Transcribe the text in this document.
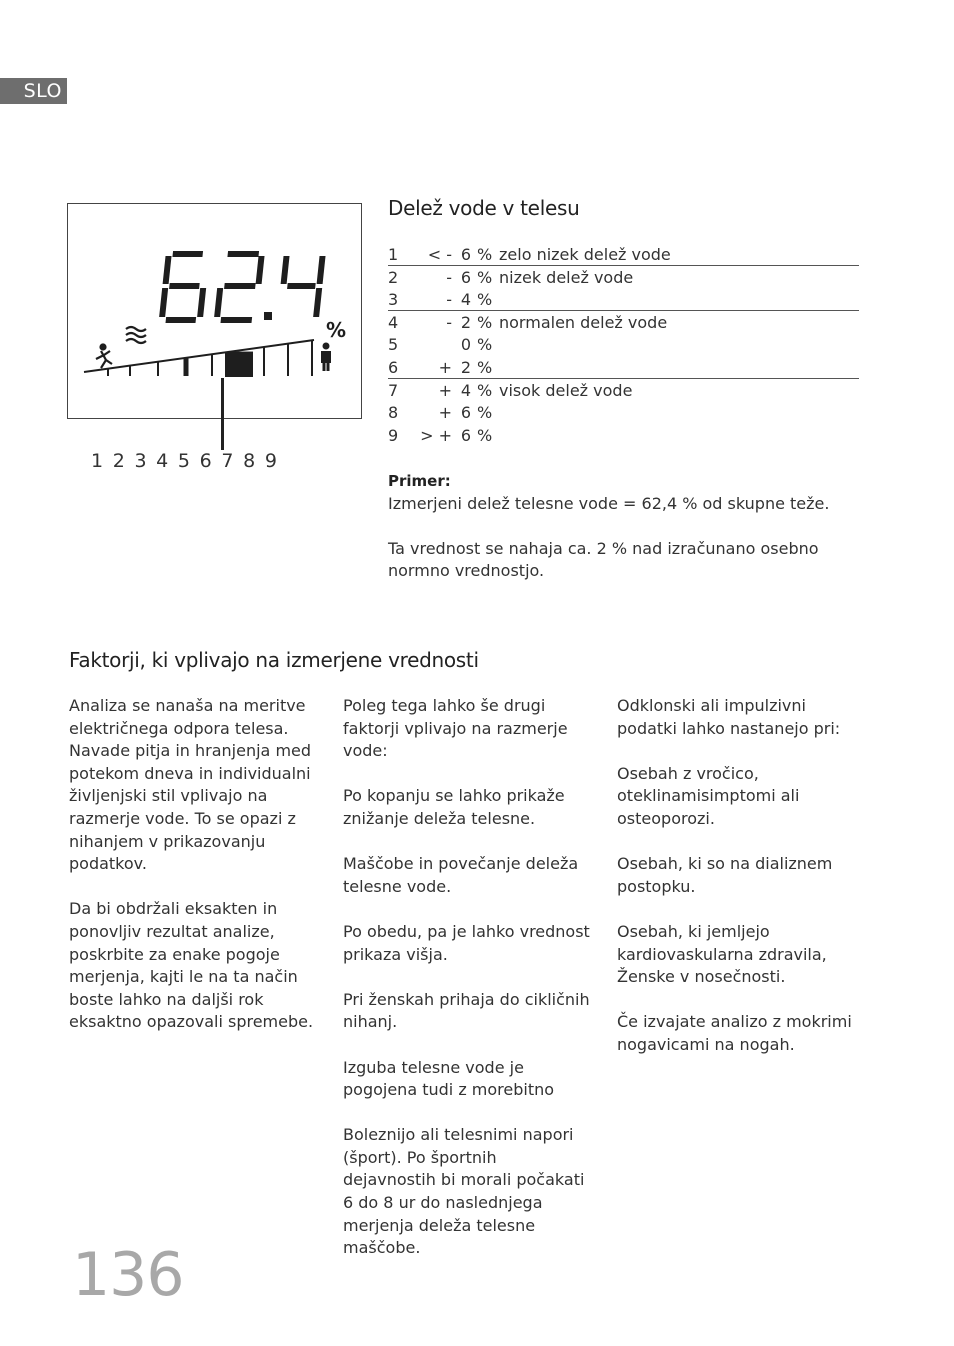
SLO
%
1 2 3 4 5 6 7 8 9
Delež vode v telesu
1	< -	6	%	zelo nizek delež vode
2	-	6	%	nizek delež vode
3	-	4	%	
4	-	2	%	normalen delež vode
5		0	%	
6	+	2	%	
7	+	4	%	visok delež vode
8	+	6	%	
9	> +	6	%	
Primer:

Izmerjeni delež telesne vode = 62,4 % od skupne teže.

Ta vrednost se nahaja ca. 2 % nad izračunano osebno normno vrednostjo.

Faktorji, ki vplivajo na izmerjene vrednosti

Analiza se nanaša na meritve električnega odpora telesa. Navade pitja in hranjenja med potekom dneva in individualni življenjski stil vplivajo na razmerje vode. To se opazi z nihanjem v prikazovanju podatkov.

Da bi obdržali eksakten in ponovljiv rezultat analize, poskrbite za enake pogoje merjenja, kajti le na ta način boste lahko na daljši rok eksaktno opazovali spremebe.

Poleg tega lahko še drugi faktorji vplivajo na razmerje vode:

Po kopanju se lahko prikaže znižanje deleža telesne.

Maščobe in povečanje deleža telesne vode.

Po obedu, pa je lahko vrednost prikaza višja.

Pri ženskah prihaja do cikličnih nihanj.

Izguba telesne vode je pogojena tudi z morebitno

Boleznijo ali telesnimi napori (šport). Po športnih dejavnostih bi morali počakati 6 do 8 ur do naslednjega merjenja deleža telesne maščobe.

Odklonski ali impulzivni podatki lahko nastanejo pri:

Osebah z vročico, oteklinamisimptomi ali osteoporozi.

Osebah, ki so na dializnem postopku.

Osebah, ki jemljejo kardiovaskularna zdravila, Ženske v nosečnosti.

Če izvajate analizo z mokrimi nogavicami na nogah.

136
